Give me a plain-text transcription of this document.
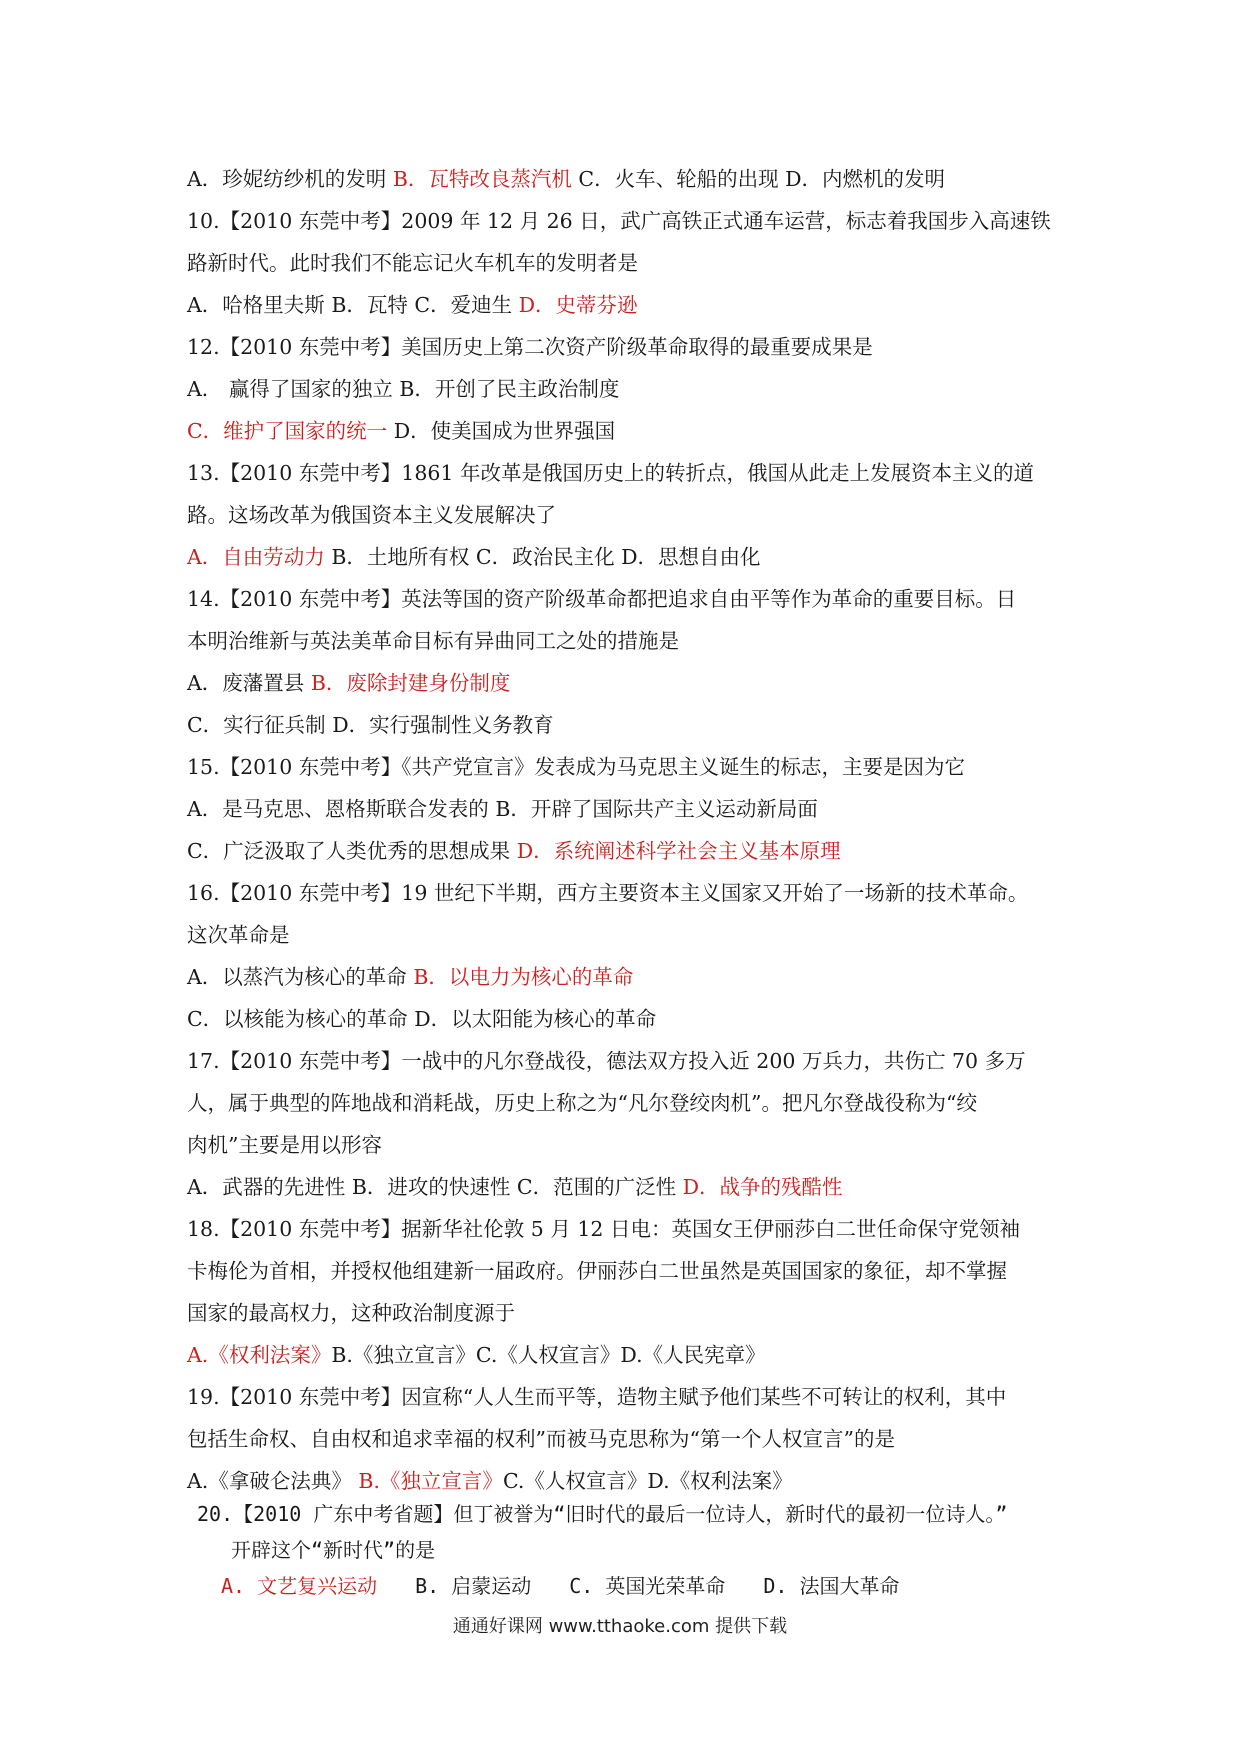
A．珍妮纺纱机的发明 B．瓦特改良蒸汽机 C．火车、轮船的出现 D．内燃机的发明
10.【2010 东莞中考】2009 年 12 月 26 日，武广高铁正式通车运营，标志着我国步入高速铁
路新时代。此时我们不能忘记火车机车的发明者是
A．哈格里夫斯 B．瓦特 C．爱迪生 D．史蒂芬逊
12.【2010 东莞中考】美国历史上第二次资产阶级革命取得的最重要成果是
A． 赢得了国家的独立 B．开创了民主政治制度
C．维护了国家的统一 D．使美国成为世界强国
13.【2010 东莞中考】1861 年改革是俄国历史上的转折点，俄国从此走上发展资本主义的道
路。这场改革为俄国资本主义发展解决了
A．自由劳动力 B．土地所有权 C．政治民主化 D．思想自由化
14.【2010 东莞中考】英法等国的资产阶级革命都把追求自由平等作为革命的重要目标。日
本明治维新与英法美革命目标有异曲同工之处的措施是
A．废藩置县 B．废除封建身份制度
C．实行征兵制 D．实行强制性义务教育
15.【2010 东莞中考】《共产党宣言》发表成为马克思主义诞生的标志，主要是因为它
A．是马克思、恩格斯联合发表的 B．开辟了国际共产主义运动新局面
C．广泛汲取了人类优秀的思想成果 D．系统阐述科学社会主义基本原理
16.【2010 东莞中考】19 世纪下半期，西方主要资本主义国家又开始了一场新的技术革命。
这次革命是
A．以蒸汽为核心的革命 B．以电力为核心的革命
C．以核能为核心的革命 D．以太阳能为核心的革命
17.【2010 东莞中考】一战中的凡尔登战役，德法双方投入近 200 万兵力，共伤亡 70 多万
人，属于典型的阵地战和消耗战，历史上称之为“凡尔登绞肉机”。把凡尔登战役称为“绞
肉机”主要是用以形容
A．武器的先进性 B．进攻的快速性 C．范围的广泛性 D．战争的残酷性
18.【2010 东莞中考】据新华社伦敦 5 月 12 日电：英国女王伊丽莎白二世任命保守党领袖
卡梅伦为首相，并授权他组建新一届政府。伊丽莎白二世虽然是英国国家的象征，却不掌握
国家的最高权力，这种政治制度源于
A.《权利法案》B.《独立宣言》C.《人权宣言》D.《人民宪章》
19.【2010 东莞中考】因宣称“人人生而平等，造物主赋予他们某些不可转让的权利，其中
包括生命权、自由权和追求幸福的权利”而被马克思称为“第一个人权宣言”的是
A.《拿破仑法典》 B.《独立宣言》C.《人权宣言》D.《权利法案》
20.【2010 广东中考省题】但丁被誉为“旧时代的最后一位诗人，新时代的最初一位诗人。”
开辟这个“新时代”的是
A. 文艺复兴运动 B. 启蒙运动 C. 英国光荣革命 D. 法国大革命
通通好课网 www.tthaoke.com 提供下载
